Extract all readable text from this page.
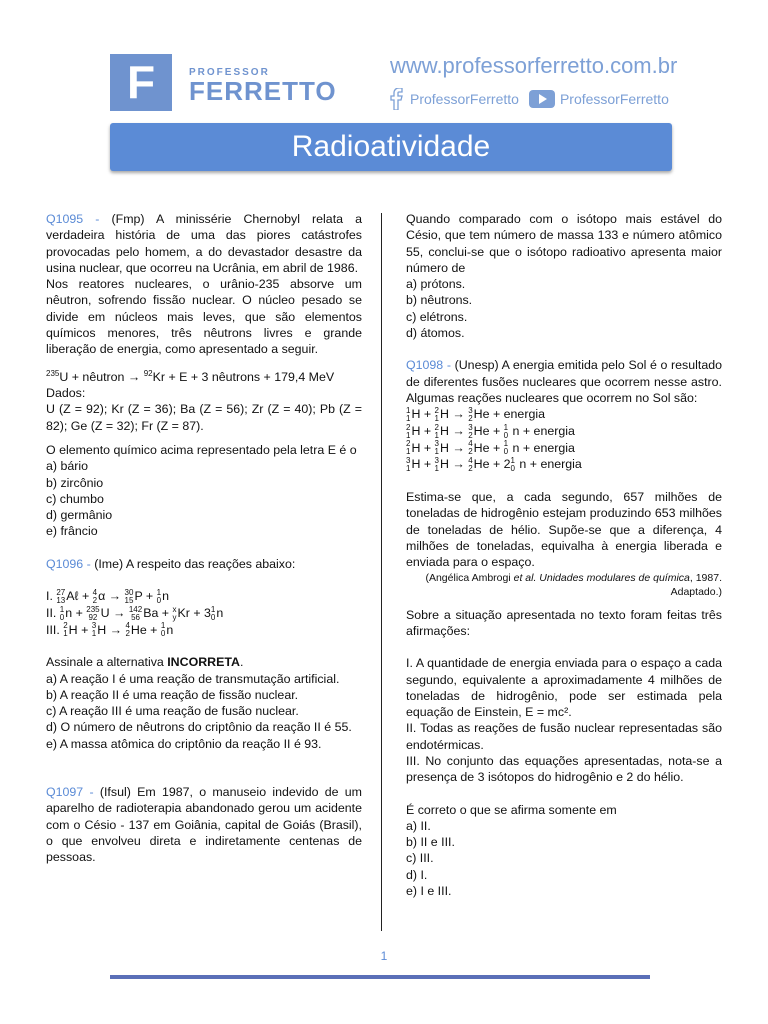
F	PROFESSOR
FERRETTO
www.professorferretto.com.br
ProfessorFerretto	ProfessorFerretto
Radioatividade

Q1095 - (Fmp) A minissérie Chernobyl relata a verdadeira história de uma das piores catástrofes provocadas pelo homem, a do devastador desastre da usina nuclear, que ocorreu na Ucrânia, em abril de 1986.

Nos reatores nucleares, o urânio-235 absorve um nêutron, sofrendo fissão nuclear. O núcleo pesado se divide em núcleos mais leves, que são elementos químicos menores, três nêutrons livres e grande liberação de energia, como apresentado a seguir.

$^{235}$U + nêutron → $^{92}$Kr + E + 3 nêutrons + 179,4 MeV

Dados:

U (Z = 92); Kr (Z = 36); Ba (Z = 56); Zr (Z = 40); Pb (Z = 82); Ge (Z = 32); Fr (Z = 87).

O elemento químico acima representado pela letra E é o

a) bário
b) zircônio
c) chumbo
d) germânio
e) frâncio

Q1096 - (Ime) A respeito das reações abaixo:

I. 27
13Aℓ + 4
2α → 30
15P + 1
0n

II. 1
0n + 235
92 U → 142
56 Ba + x
yKr + 31
0n

III. 2
1H + 3
1H → 4
2He + 1
0n

Assinale a alternativa INCORRETA.

a) A reação I é uma reação de transmutação artificial.
b) A reação II é uma reação de fissão nuclear.
c) A reação III é uma reação de fusão nuclear.
d) O número de nêutrons do criptônio da reação II é 55.
e) A massa atômica do criptônio da reação II é 93.

Q1097 - (Ifsul) Em 1987, o manuseio indevido de um aparelho de radioterapia abandonado gerou um acidente com o Césio - 137 em Goiânia, capital de Goiás (Brasil), o que envolveu direta e indiretamente centenas de pessoas.

Quando comparado com o isótopo mais estável do Césio, que tem número de massa 133 e número atômico 55, conclui-se que o isótopo radioativo apresenta maior número de

a) prótons.
b) nêutrons.
c) elétrons.
d) átomos.

Q1098 - (Unesp) A energia emitida pelo Sol é o resultado de diferentes fusões nucleares que ocorrem nesse astro. Algumas reações nucleares que ocorrem no Sol são:

1
1H + 2
1H → 3
2He + energia

2
1H + 2
1H → 3
2He + 1
0 n + energia

2
1H + 3
1H → 4
2He + 1
0 n + energia

3
1H + 3
1H → 4
2He + 21
0 n + energia

Estima-se que, a cada segundo, 657 milhões de toneladas de hidrogênio estejam produzindo 653 milhões de toneladas de hélio. Supõe-se que a diferença, 4 milhões de toneladas, equivalha à energia liberada e enviada para o espaço.

(Angélica Ambrogi et al. Unidades modulares de química, 1987.
Adaptado.)

Sobre a situação apresentada no texto foram feitas três afirmações:

I. A quantidade de energia enviada para o espaço a cada segundo, equivalente a aproximadamente 4 milhões de toneladas de hidrogênio, pode ser estimada pela equação de Einstein, E = mc².

II. Todas as reações de fusão nuclear representadas são endotérmicas.

III. No conjunto das equações apresentadas, nota-se a presença de 3 isótopos do hidrogênio e 2 do hélio.

É correto o que se afirma somente em

a) II.
b) II e III.
c) III.
d) I.
e) I e III.
1
